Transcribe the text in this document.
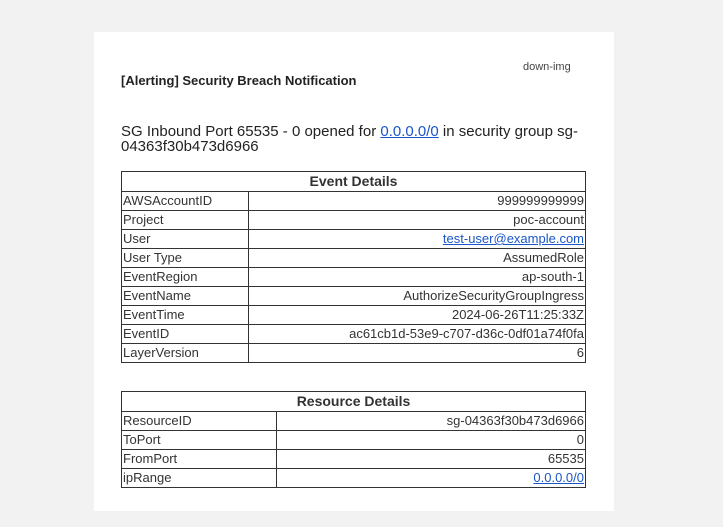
[Alerting] Security Breach Notification
down-img
SG Inbound Port 65535 - 0 opened for 0.0.0.0/0 in security group sg-04363f30b473d6966
Event Details	
AWSAccountID	999999999999
Project	poc-account
User	test-user@example.com
User Type	AssumedRole
EventRegion	ap-south-1
EventName	AuthorizeSecurityGroupIngress
EventTime	2024-06-26T11:25:33Z
EventID	ac61cb1d-53e9-c707-d36c-0df01a74f0fa
LayerVersion	6
Resource Details	
ResourceID	sg-04363f30b473d6966
ToPort	0
FromPort	65535
ipRange	0.0.0.0/0
